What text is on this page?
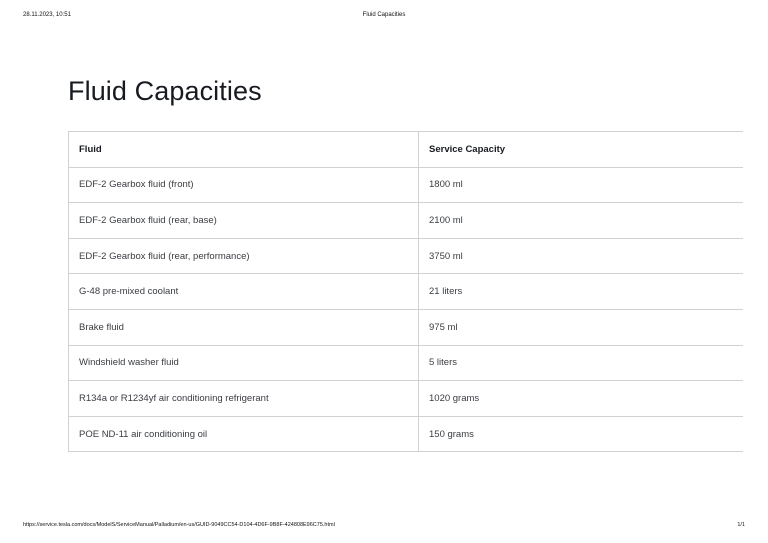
28.11.2023, 10:51	Fluid Capacities
Fluid Capacities
Fluid	Service Capacity
EDF-2 Gearbox fluid (front)	1800 ml
EDF-2 Gearbox fluid (rear, base)	2100 ml
EDF-2 Gearbox fluid (rear, performance)	3750 ml
G-48 pre-mixed coolant	21 liters
Brake fluid	975 ml
Windshield washer fluid	5 liters
R134a or R1234yf air conditioning refrigerant	1020 grams
POE ND-11 air conditioning oil	150 grams
https://service.tesla.com/docs/ModelS/ServiceManual/Palladium/en-us/GUID-9049CC54-D104-4D6F-9B8F-424808E96C75.html	1/1
